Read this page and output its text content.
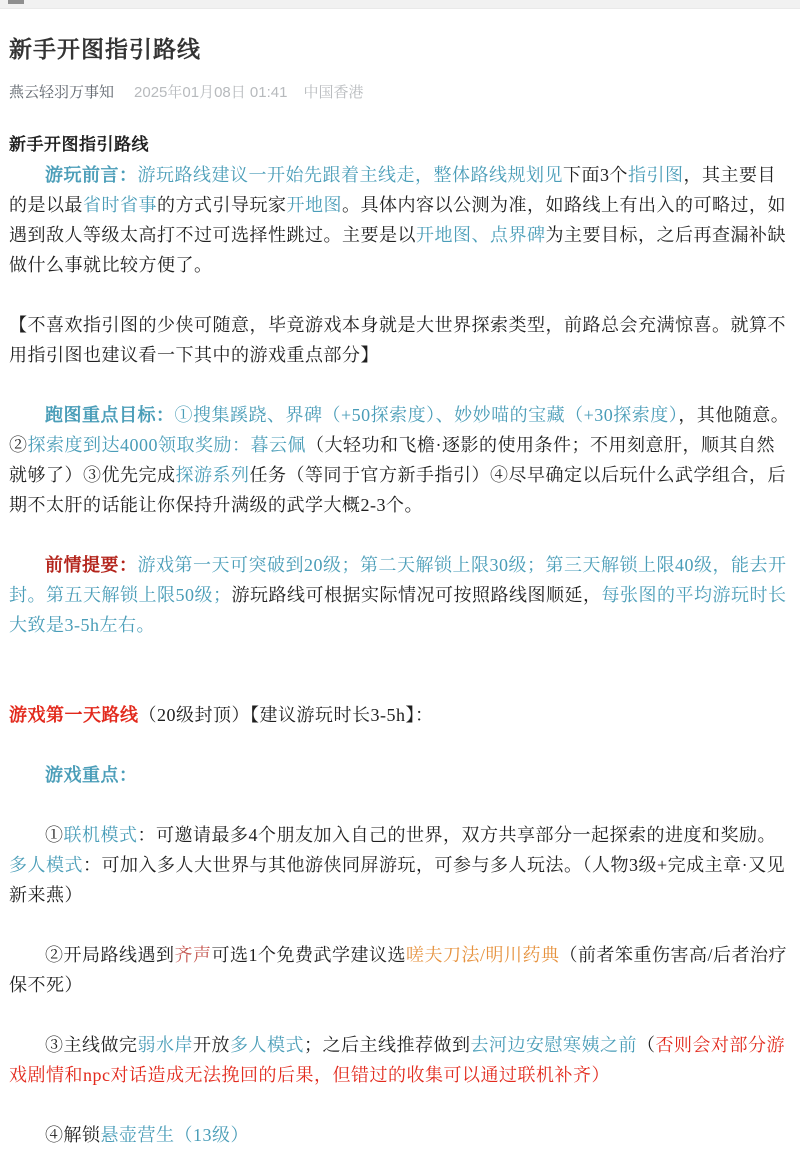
新手开图指引路线
燕云轻羽万事知 2025年01月08日 01:41 中国香港

新手开图指引路线

游玩前言：游玩路线建议一开始先跟着主线走，整体路线规划见下面3个指引图，其主要目的是以最省时省事的方式引导玩家开地图。具体内容以公测为准，如路线上有出入的可略过，如遇到敌人等级太高打不过可选择性跳过。主要是以开地图、点界碑为主要目标，之后再查漏补缺做什么事就比较方便了。

【不喜欢指引图的少侠可随意，毕竟游戏本身就是大世界探索类型，前路总会充满惊喜。就算不用指引图也建议看一下其中的游戏重点部分】

跑图重点目标：①搜集蹊跷、界碑（+50探索度）、妙妙喵的宝藏（+30探索度），其他随意。②探索度到达4000领取奖励：暮云佩（大轻功和飞檐·逐影的使用条件；不用刻意肝，顺其自然就够了）③优先完成探游系列任务（等同于官方新手指引）④尽早确定以后玩什么武学组合，后期不太肝的话能让你保持升满级的武学大概2-3个。

前情提要：游戏第一天可突破到20级；第二天解锁上限30级；第三天解锁上限40级，能去开封。第五天解锁上限50级；游玩路线可根据实际情况可按照路线图顺延，每张图的平均游玩时长大致是3-5h左右。

游戏第一天路线（20级封顶）【建议游玩时长3-5h】：

游戏重点：

①联机模式：可邀请最多4个朋友加入自己的世界，双方共享部分一起探索的进度和奖励。多人模式：可加入多人大世界与其他游侠同屏游玩，可参与多人玩法。（人物3级+完成主章·又见新来燕）

②开局路线遇到齐声可选1个免费武学建议选嗟夫刀法/明川药典（前者笨重伤害高/后者治疗保不死）

③主线做完弱水岸开放多人模式；之后主线推荐做到去河边安慰寒姨之前（否则会对部分游戏剧情和npc对话造成无法挽回的后果，但错过的收集可以通过联机补齐）

④解锁悬壶营生（13级）
